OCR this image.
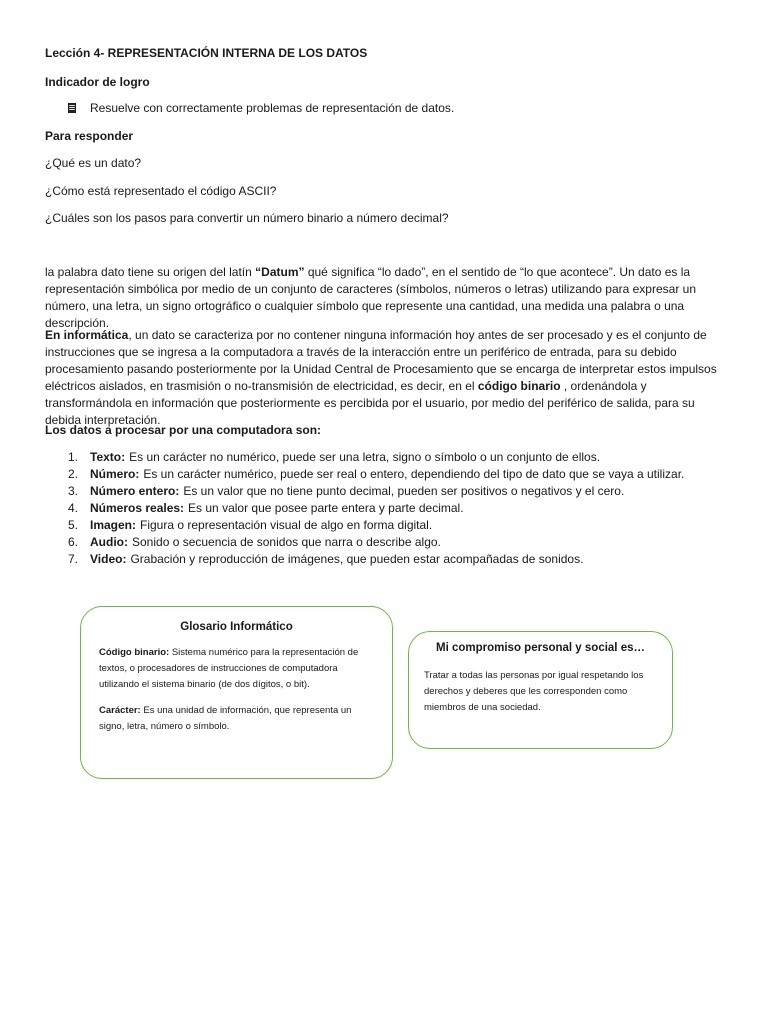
Lección 4- REPRESENTACIÓN INTERNA DE LOS DATOS
Indicador de logro
Resuelve con correctamente problemas de representación de datos.
Para responder
¿Qué es un dato?
¿Cómo está representado el código ASCII?
¿Cuáles son los pasos para convertir un número binario a número decimal?
la palabra dato tiene su origen del latín “Datum” qué significa “lo dado”, en el sentido de “lo que acontece”. Un dato es la representación simbólica por medio de un conjunto de caracteres (símbolos, números o letras) utilizando para expresar un número, una letra, un signo ortográfico o cualquier símbolo que represente una cantidad, una medida una palabra o una descripción.
En informática, un dato se caracteriza por no contener ninguna información hoy antes de ser procesado y es el conjunto de instrucciones que se ingresa a la computadora a través de la interacción entre un periférico de entrada, para su debido procesamiento pasando posteriormente por la Unidad Central de Procesamiento que se encarga de interpretar estos impulsos eléctricos aislados, en trasmisión o no-transmisión de electricidad, es decir, en el código binario , ordenándola y transformándola en información que posteriormente es percibida por el usuario, por medio del periférico de salida, para su debida interpretación.
Los datos a procesar por una computadora son:
1. Texto: Es un carácter no numérico, puede ser una letra, signo o símbolo o un conjunto de ellos.
2. Número: Es un carácter numérico, puede ser real o entero, dependiendo del tipo de dato que se vaya a utilizar.
3. Número entero: Es un valor que no tiene punto decimal, pueden ser positivos o negativos y el cero.
4. Números reales: Es un valor que posee parte entera y parte decimal.
5. Imagen: Figura o representación visual de algo en forma digital.
6. Audio: Sonido o secuencia de sonidos que narra o describe algo.
7. Video: Grabación y reproducción de imágenes, que pueden estar acompañadas de sonidos.
Glosario Informático
Código binario: Sistema numérico para la representación de textos, o procesadores de instrucciones de computadora utilizando el sistema binario (de dos dígitos, o bit).
Carácter: Es una unidad de información, que representa un signo, letra, número o símbolo.
Mi compromiso personal y social es…
Tratar a todas las personas por igual respetando los derechos y deberes que les corresponden como miembros de una sociedad.
